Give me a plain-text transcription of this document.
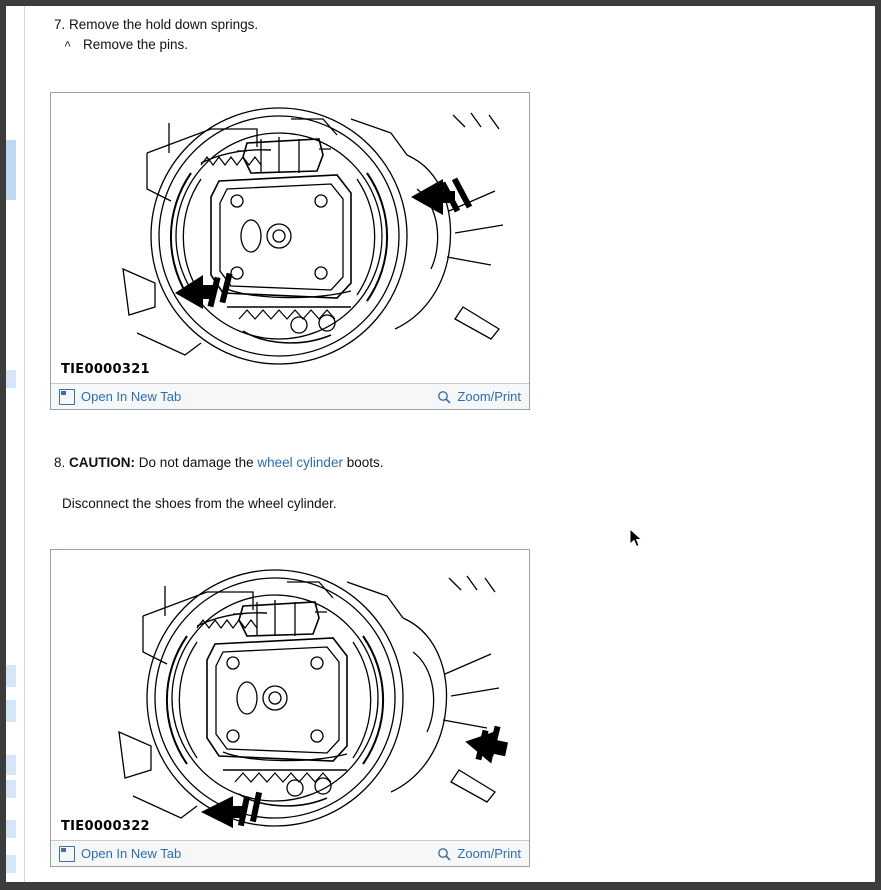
7. Remove the hold down springs.
^ Remove the pins.
TIE0000321
Open In New Tab	Zoom/Print
8. CAUTION: Do not damage the wheel cylinder boots.
Disconnect the shoes from the wheel cylinder.
TIE0000322
Open In New Tab	Zoom/Print
